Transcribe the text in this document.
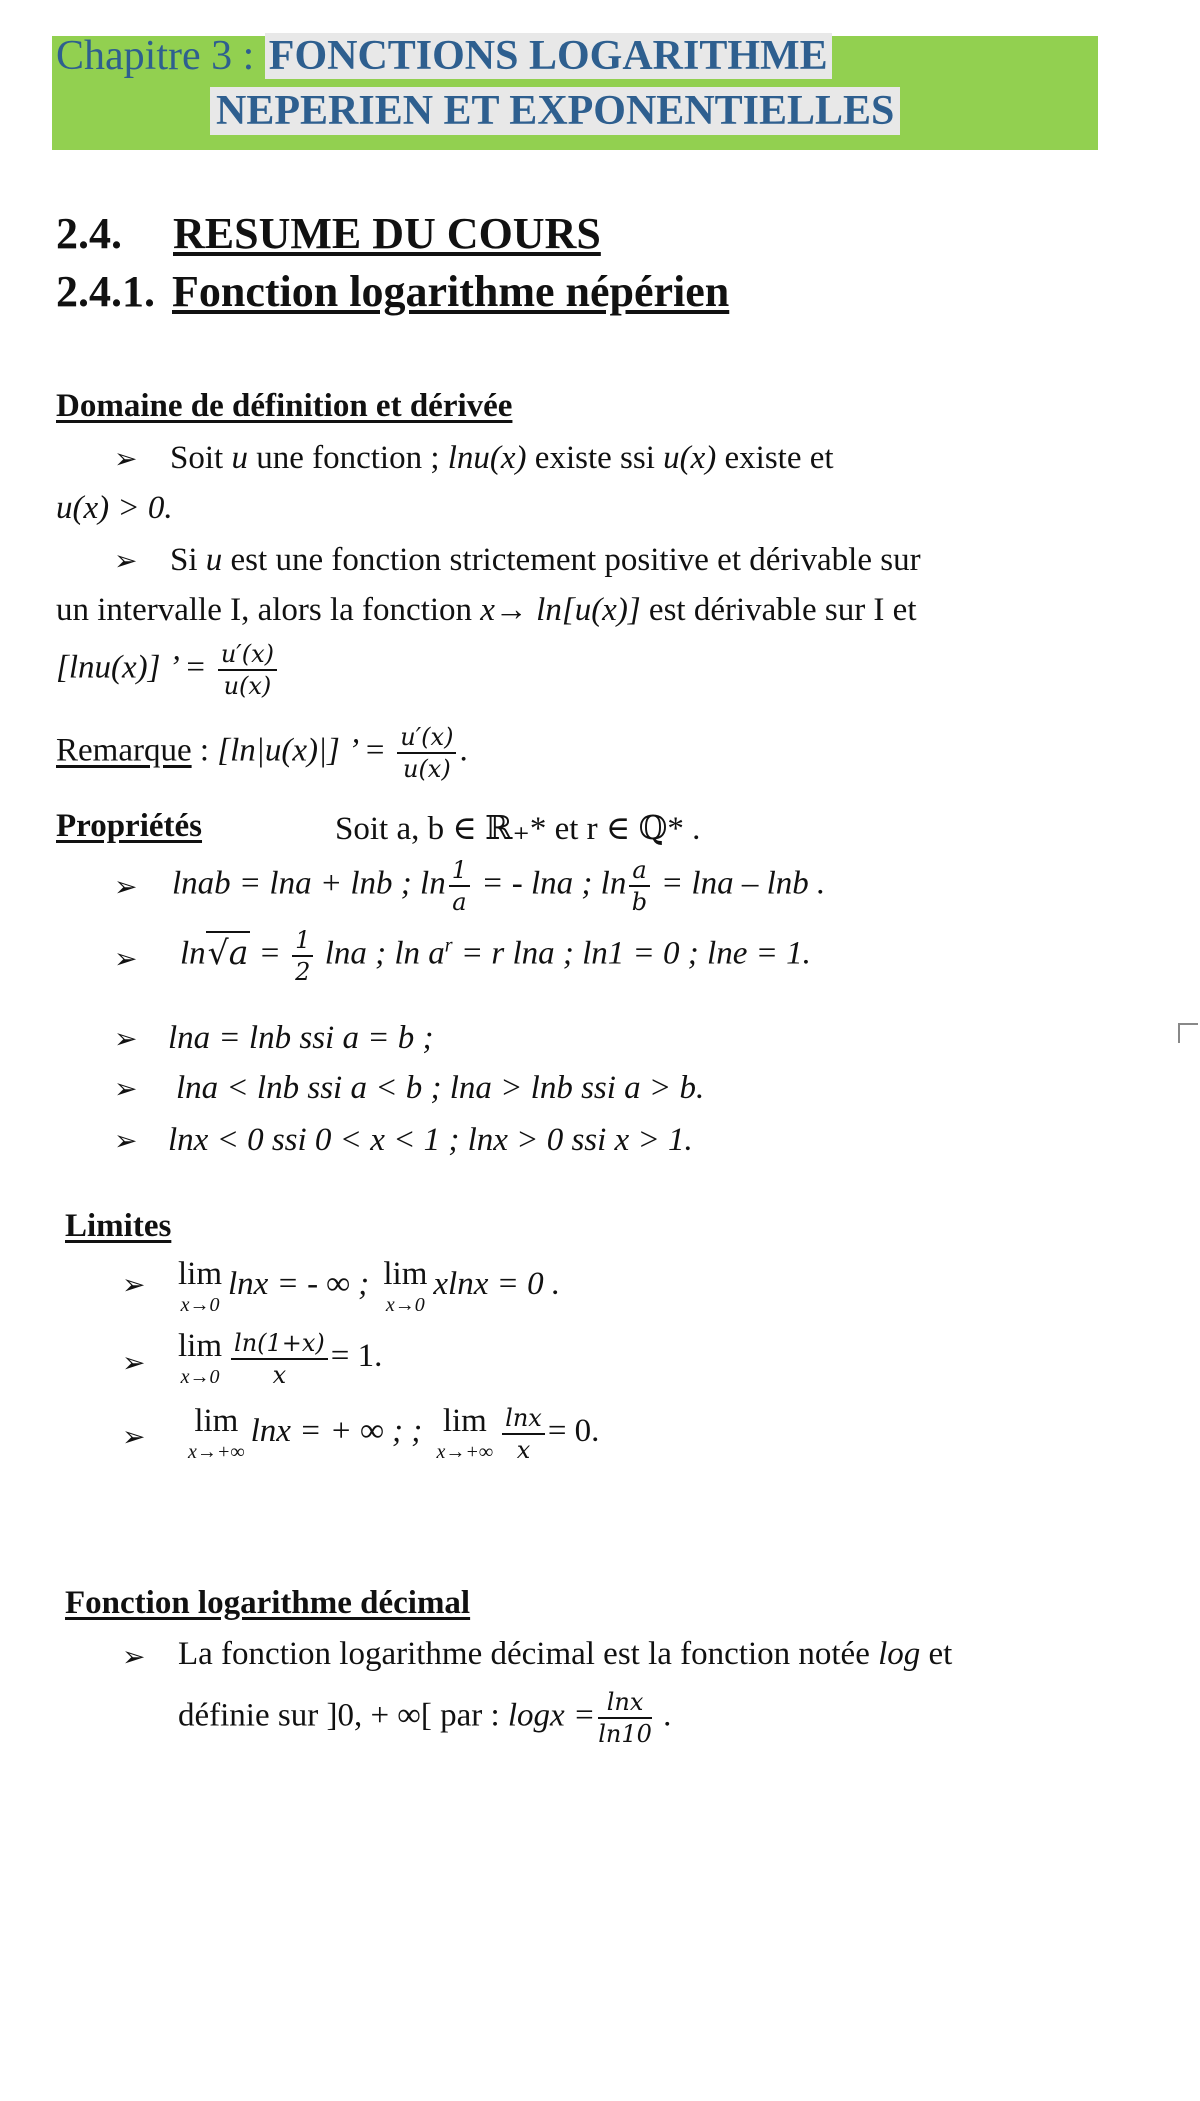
Chapitre 3 : FONCTIONS LOGARITHME
NEPERIEN ET EXPONENTIELLES
2.4. RESUME DU COURS
2.4.1. Fonction logarithme népérien
Domaine de définition et dérivée
➢ Soit u une fonction ; lnu(x) existe ssi u(x) existe et
u(x) > 0.
➢ Si u est une fonction strictement positive et dérivable sur
un intervalle I, alors la fonction x→ ln[u(x)] est dérivable sur I et
[lnu(x)] ’ = $\frac{u'(x)}{u(x)}$
Remarque : [ln|u(x)|] ’ = $\frac{u'(x)}{u(x)}$ .
Propriétés	Soit a, b ∈ ℝ₊* et r ∈ ℚ* .
➢ lnab = lna + lnb ; $\ln \frac{1}{a}$ = - lna ; $\ln \frac{a}{b} = \ln a - \ln b$ .
➢ $\ln√a = \frac{1}{2}$ lna ; $\ln a^r = r$ lna ; ln1 = 0 ; lne = 1.
➢ lna = lnb ssi a = b ;
➢ lna < lnb ssi a < b ; lna > lnb ssi a > b.
➢ lnx < 0 ssi 0 < x < 1 ; lnx > 0 ssi x > 1.
Limites
➢ lim
x→0
lnx = - ∞ ; lim
x→0
xlnx = 0 .
➢ lim
$x\to 0 \frac{\ln(1+x)}{x} = 1$.
➢ lim
x→+∞
lnx = + ∞ ; ; lim
$x\to+\infty \frac{\ln x}{x} = 0$.
Fonction logarithme décimal
➢ La fonction logarithme décimal est la fonction notée log et
définie sur ]0, + ∞[ par : $\log x = \frac{\ln x}{\ln 10}$ .
